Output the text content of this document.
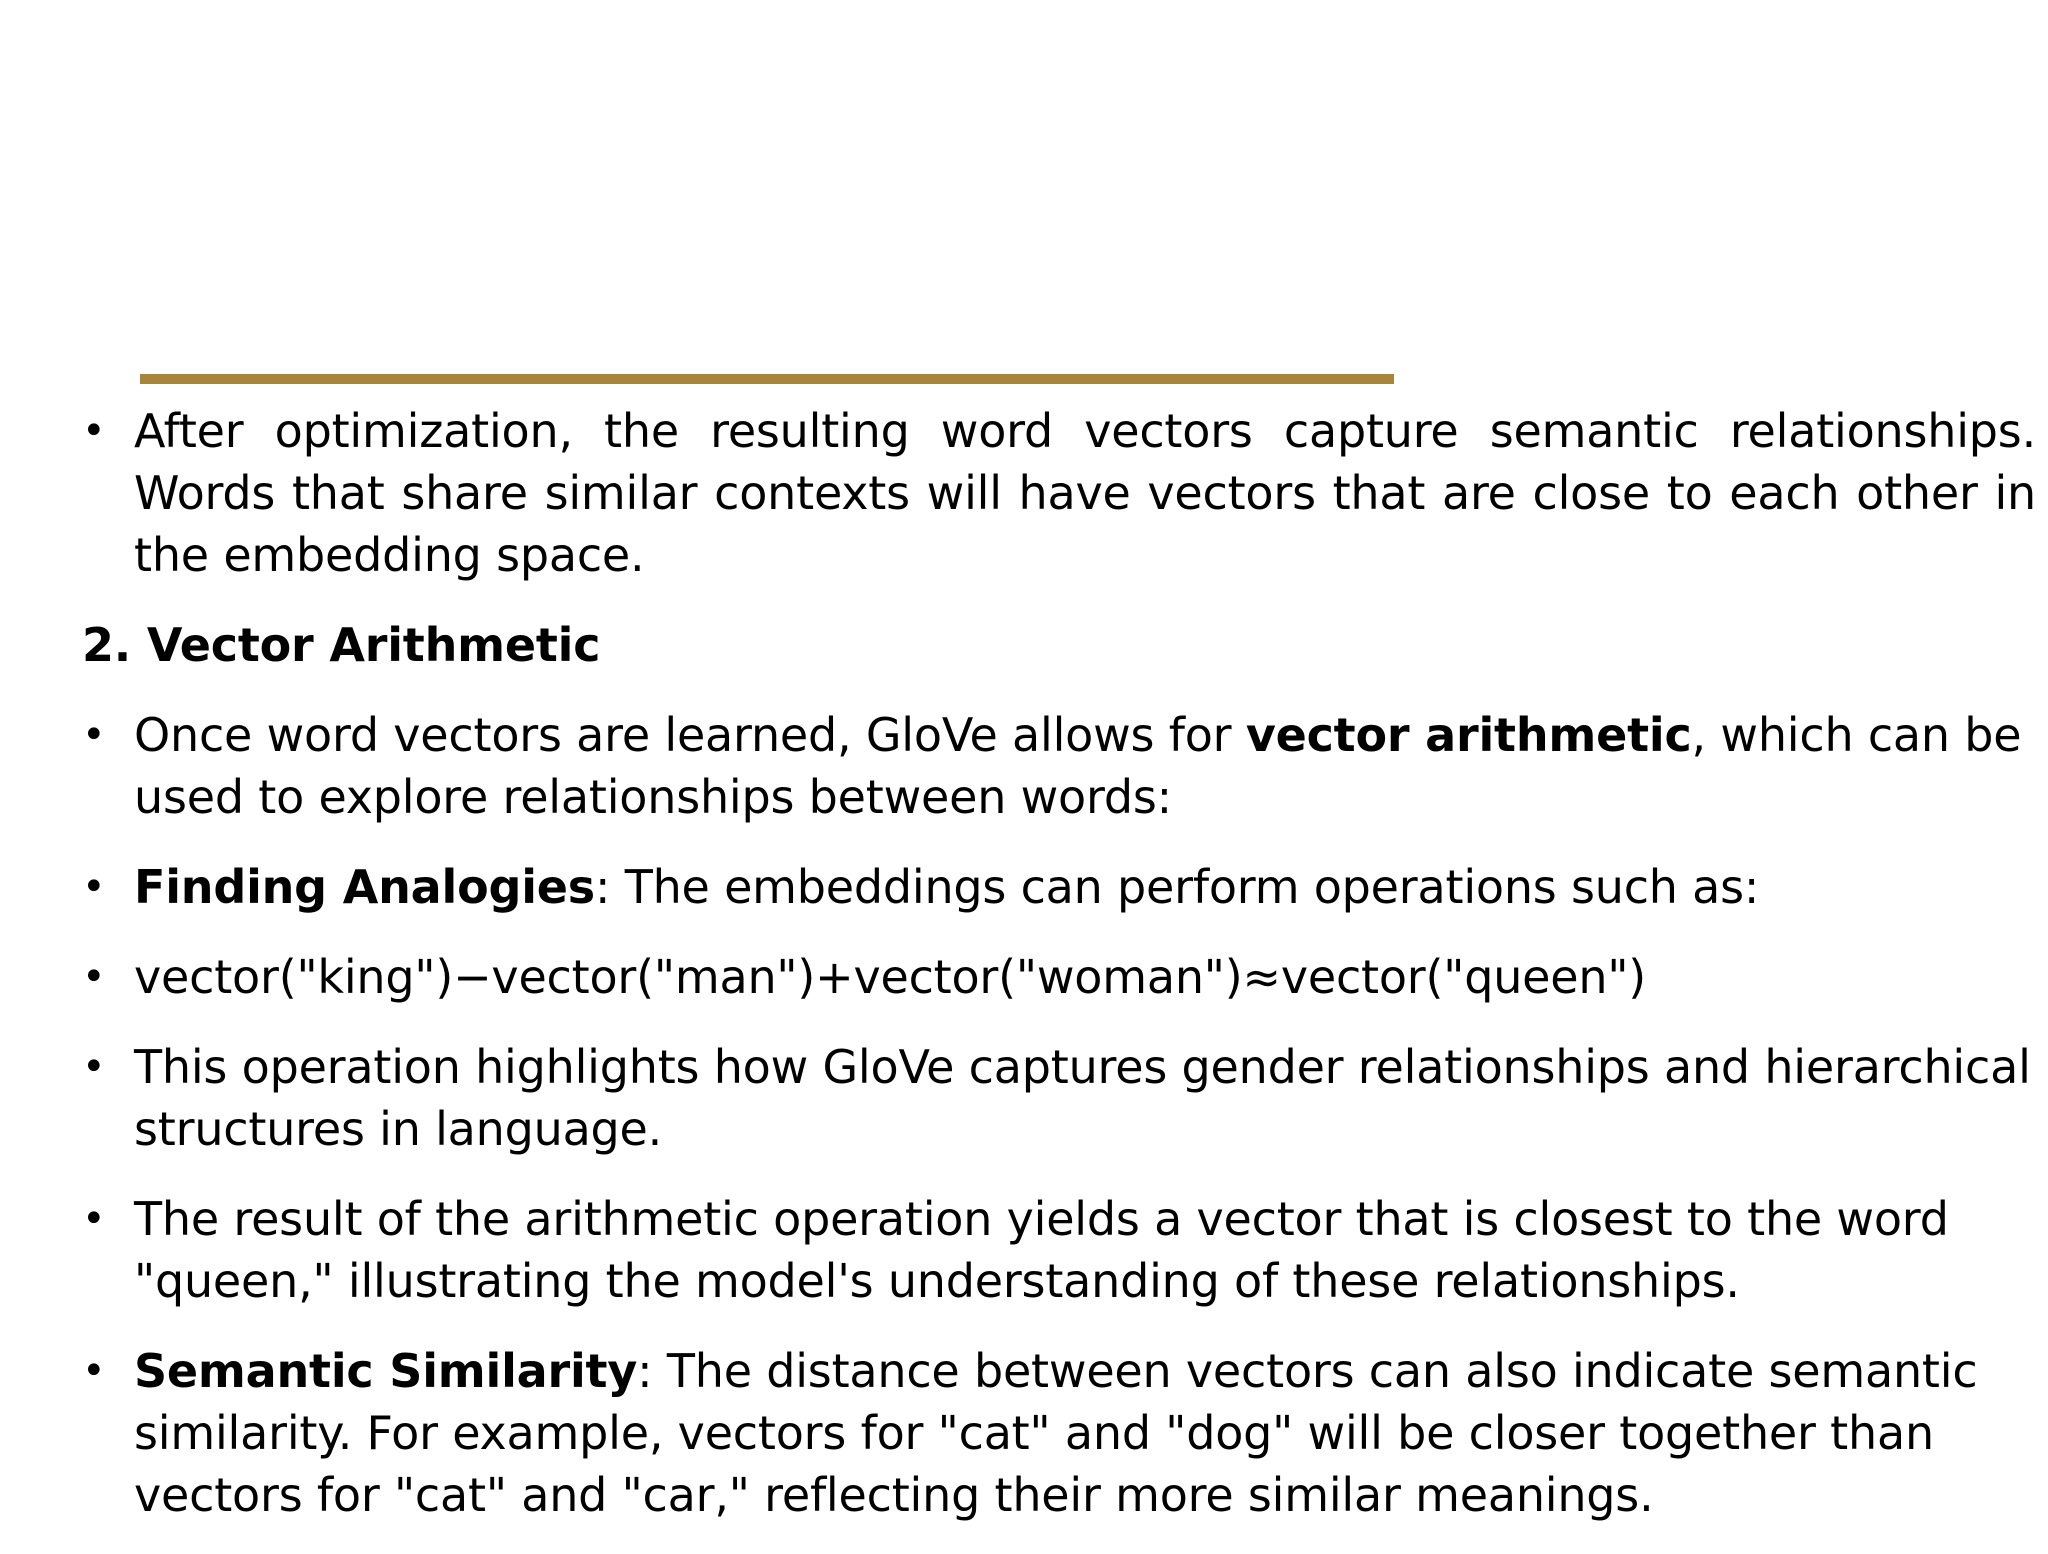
• After optimization, the resulting word vectors capture semantic relationships. Words that share similar contexts will have vectors that are close to each other in the embedding space.
2. Vector Arithmetic
• Once word vectors are learned, GloVe allows for vector arithmetic, which can be used to explore relationships between words:
• Finding Analogies: The embeddings can perform operations such as:
• vector("king")−vector("man")+vector("woman")≈vector("queen")
• This operation highlights how GloVe captures gender relationships and hierarchical structures in language.
• The result of the arithmetic operation yields a vector that is closest to the word "queen," illustrating the model's understanding of these relationships.
• Semantic Similarity: The distance between vectors can also indicate semantic similarity. For example, vectors for "cat" and "dog" will be closer together than vectors for "cat" and "car," reflecting their more similar meanings.
